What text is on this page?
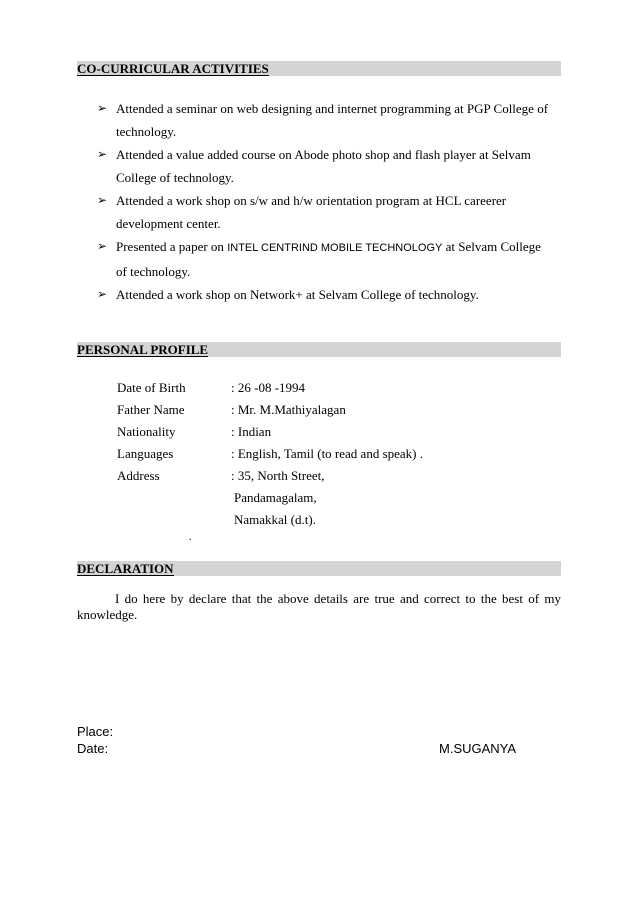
CO-CURRICULAR ACTIVITIES
➢ Attended a seminar on web designing and internet programming at PGP College of
technology.
➢ Attended a value added course on Abode photo shop and flash player at Selvam
College of technology.
➢ Attended a work shop on s/w and h/w orientation program at HCL careerer
development center.
➢ Presented a paper on INTEL CENTRIND MOBILE TECHNOLOGY at Selvam College
of technology.
➢ Attended a work shop on Network+ at Selvam College of technology.
PERSONAL PROFILE
Date of Birth	: 26 -08 -1994
Father Name	: Mr. M.Mathiyalagan
Nationality	: Indian
Languages	: English, Tamil (to read and speak) .
Address	: 35, North Street,
Pandamagalam,
Namakkal (d.t).
.
DECLARATION

I do here by declare that the above details are true and correct to the best of my knowledge.

Place:
Date:	M.SUGANYA
